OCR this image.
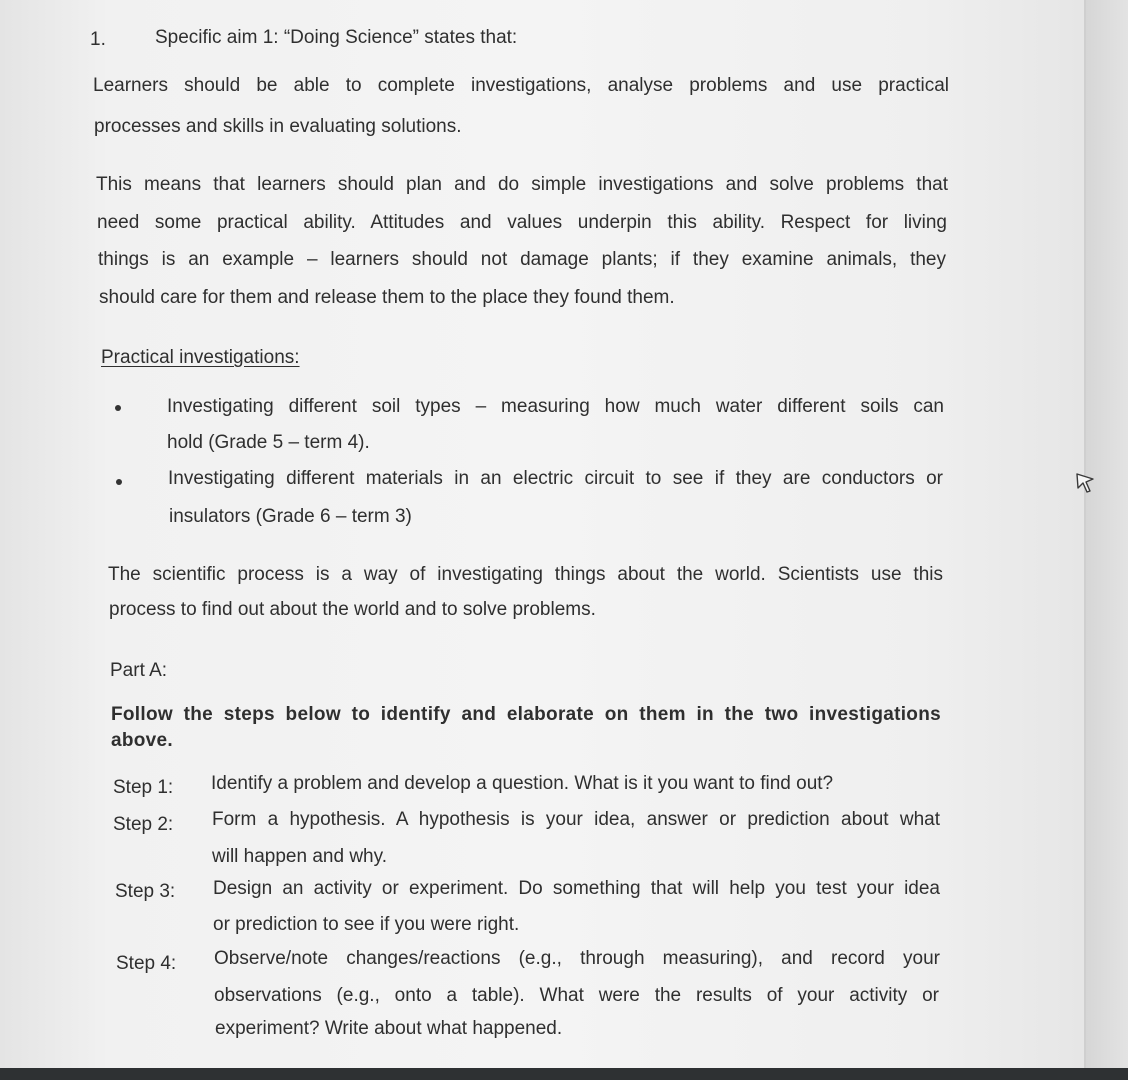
1.	Specific aim 1: “Doing Science” states that:
Learners should be able to complete investigations, analyse problems and use practical
processes and skills in evaluating solutions.
This means that learners should plan and do simple investigations and solve problems that
need some practical ability. Attitudes and values underpin this ability. Respect for living
things is an example – learners should not damage plants; if they examine animals, they
should care for them and release them to the place they found them.
Practical investigations:
Investigating different soil types – measuring how much water different soils can
hold (Grade 5 – term 4).
Investigating different materials in an electric circuit to see if they are conductors or
insulators (Grade 6 – term 3)
The scientific process is a way of investigating things about the world. Scientists use this
process to find out about the world and to solve problems.
Part A:
Follow the steps below to identify and elaborate on them in the two investigations
above.
Step 1: Identify a problem and develop a question. What is it you want to find out?
Step 2: Form a hypothesis. A hypothesis is your idea, answer or prediction about what
will happen and why.
Step 3: Design an activity or experiment. Do something that will help you test your idea
or prediction to see if you were right.
Step 4: Observe/note changes/reactions (e.g., through measuring), and record your
observations (e.g., onto a table). What were the results of your activity or
experiment? Write about what happened.
